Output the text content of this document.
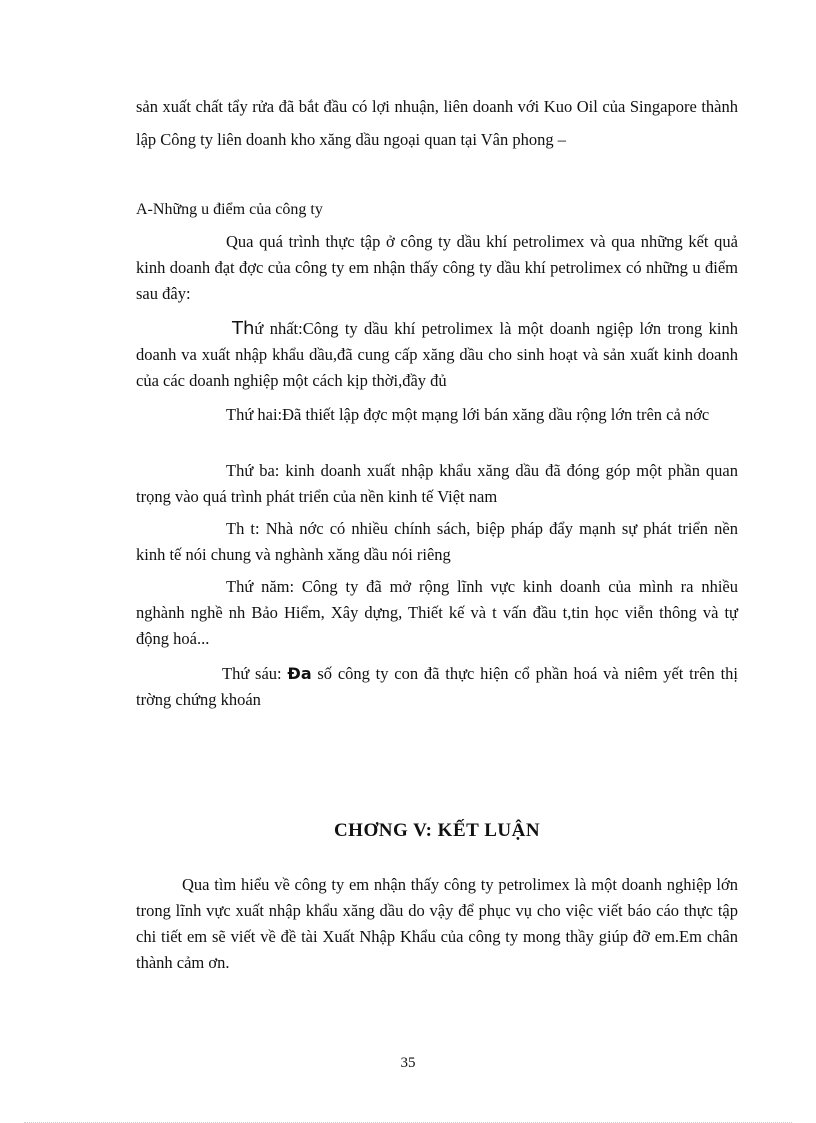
sản xuất chất tẩy rửa đã bắt đầu có lợi nhuận, liên doanh với Kuo Oil của Singapore thành lập Công ty liên doanh kho xăng dầu ngoại quan tại Vân phong –

A-Những u điểm của công ty

Qua quá trình thực tập ở công ty dầu khí petrolimex và qua những kết quả kinh doanh đạt đợc của công ty em nhận thấy công ty dầu khí petrolimex có những u điểm sau đây:

Thứ nhất:Công ty dầu khí petrolimex là một doanh ngiệp lớn trong kinh doanh va xuất nhập khẩu dầu,đã cung cấp xăng dầu cho sinh hoạt và sản xuất kinh doanh của các doanh nghiệp một cách kịp thời,đầy đủ

Thứ hai:Đã thiết lập đợc một mạng lới bán xăng dầu rộng lớn trên cả nớc

Thứ ba: kinh doanh xuất nhập khẩu xăng dầu đã đóng góp một phần quan trọng vào quá trình phát triển của nền kinh tế Việt nam

Th t: Nhà nớc có nhiều chính sách, biệp pháp đẩy mạnh sự phát triển nền kinh tế nói chung và nghành xăng dầu nói riêng

Thứ năm: Công ty đã mở rộng lĩnh vực kinh doanh của mình ra nhiều nghành nghề nh Bảo Hiểm, Xây dựng, Thiết kế và t vấn đầu t,tin học viễn thông và tự động hoá...

Thứ sáu: Đa số công ty con đã thực hiện cổ phần hoá và niêm yết trên thị trờng chứng khoán

CHƠNG V: KẾT LUẬN

Qua tìm hiểu về công ty em nhận thấy công ty petrolimex là một doanh nghiệp lớn trong lĩnh vực xuất nhập khẩu xăng dầu do vậy để phục vụ cho việc viết báo cáo thực tập chi tiết em sẽ viết về đề tài Xuất Nhập Khẩu của công ty mong thầy giúp đỡ em.Em chân thành cảm ơn.

35
